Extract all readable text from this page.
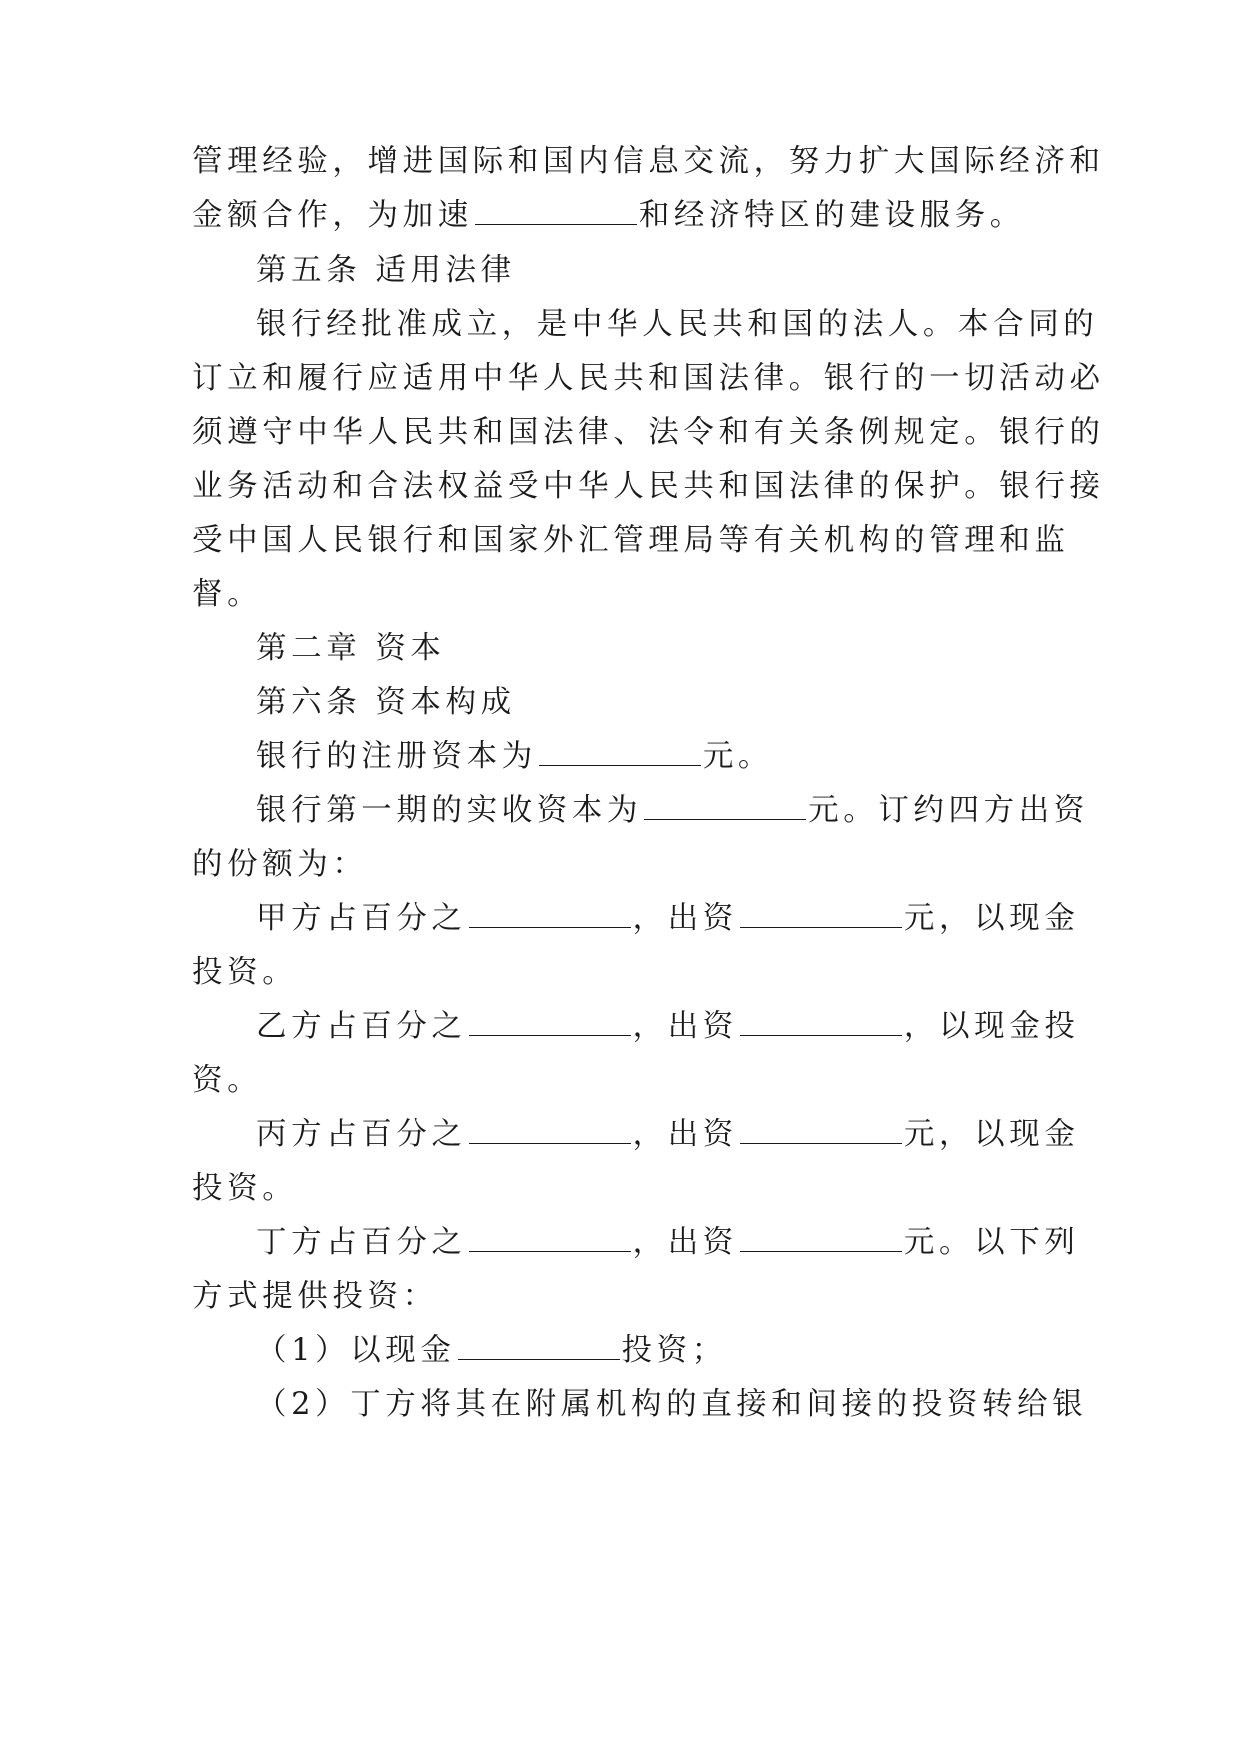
管理经验，增进国际和国内信息交流，努力扩大国际经济和
金额合作，为加速	和经济特区的建设服务。
第五条 适用法律
银行经批准成立，是中华人民共和国的法人。本合同的
订立和履行应适用中华人民共和国法律。银行的一切活动必
须遵守中华人民共和国法律、法令和有关条例规定。银行的
业务活动和合法权益受中华人民共和国法律的保护。银行接
受中国人民银行和国家外汇管理局等有关机构的管理和监
督。
第二章 资本
第六条 资本构成
银行的注册资本为	元。
银行第一期的实收资本为	元。订约四方出资
的份额为：
甲方占百分之	，出资	元，以现金
投资。
乙方占百分之	，出资	，以现金投
资。
丙方占百分之	，出资	元，以现金
投资。
丁方占百分之	，出资	元。以下列
方式提供投资：
（1）以现金	投资；
（2）丁方将其在附属机构的直接和间接的投资转给银
